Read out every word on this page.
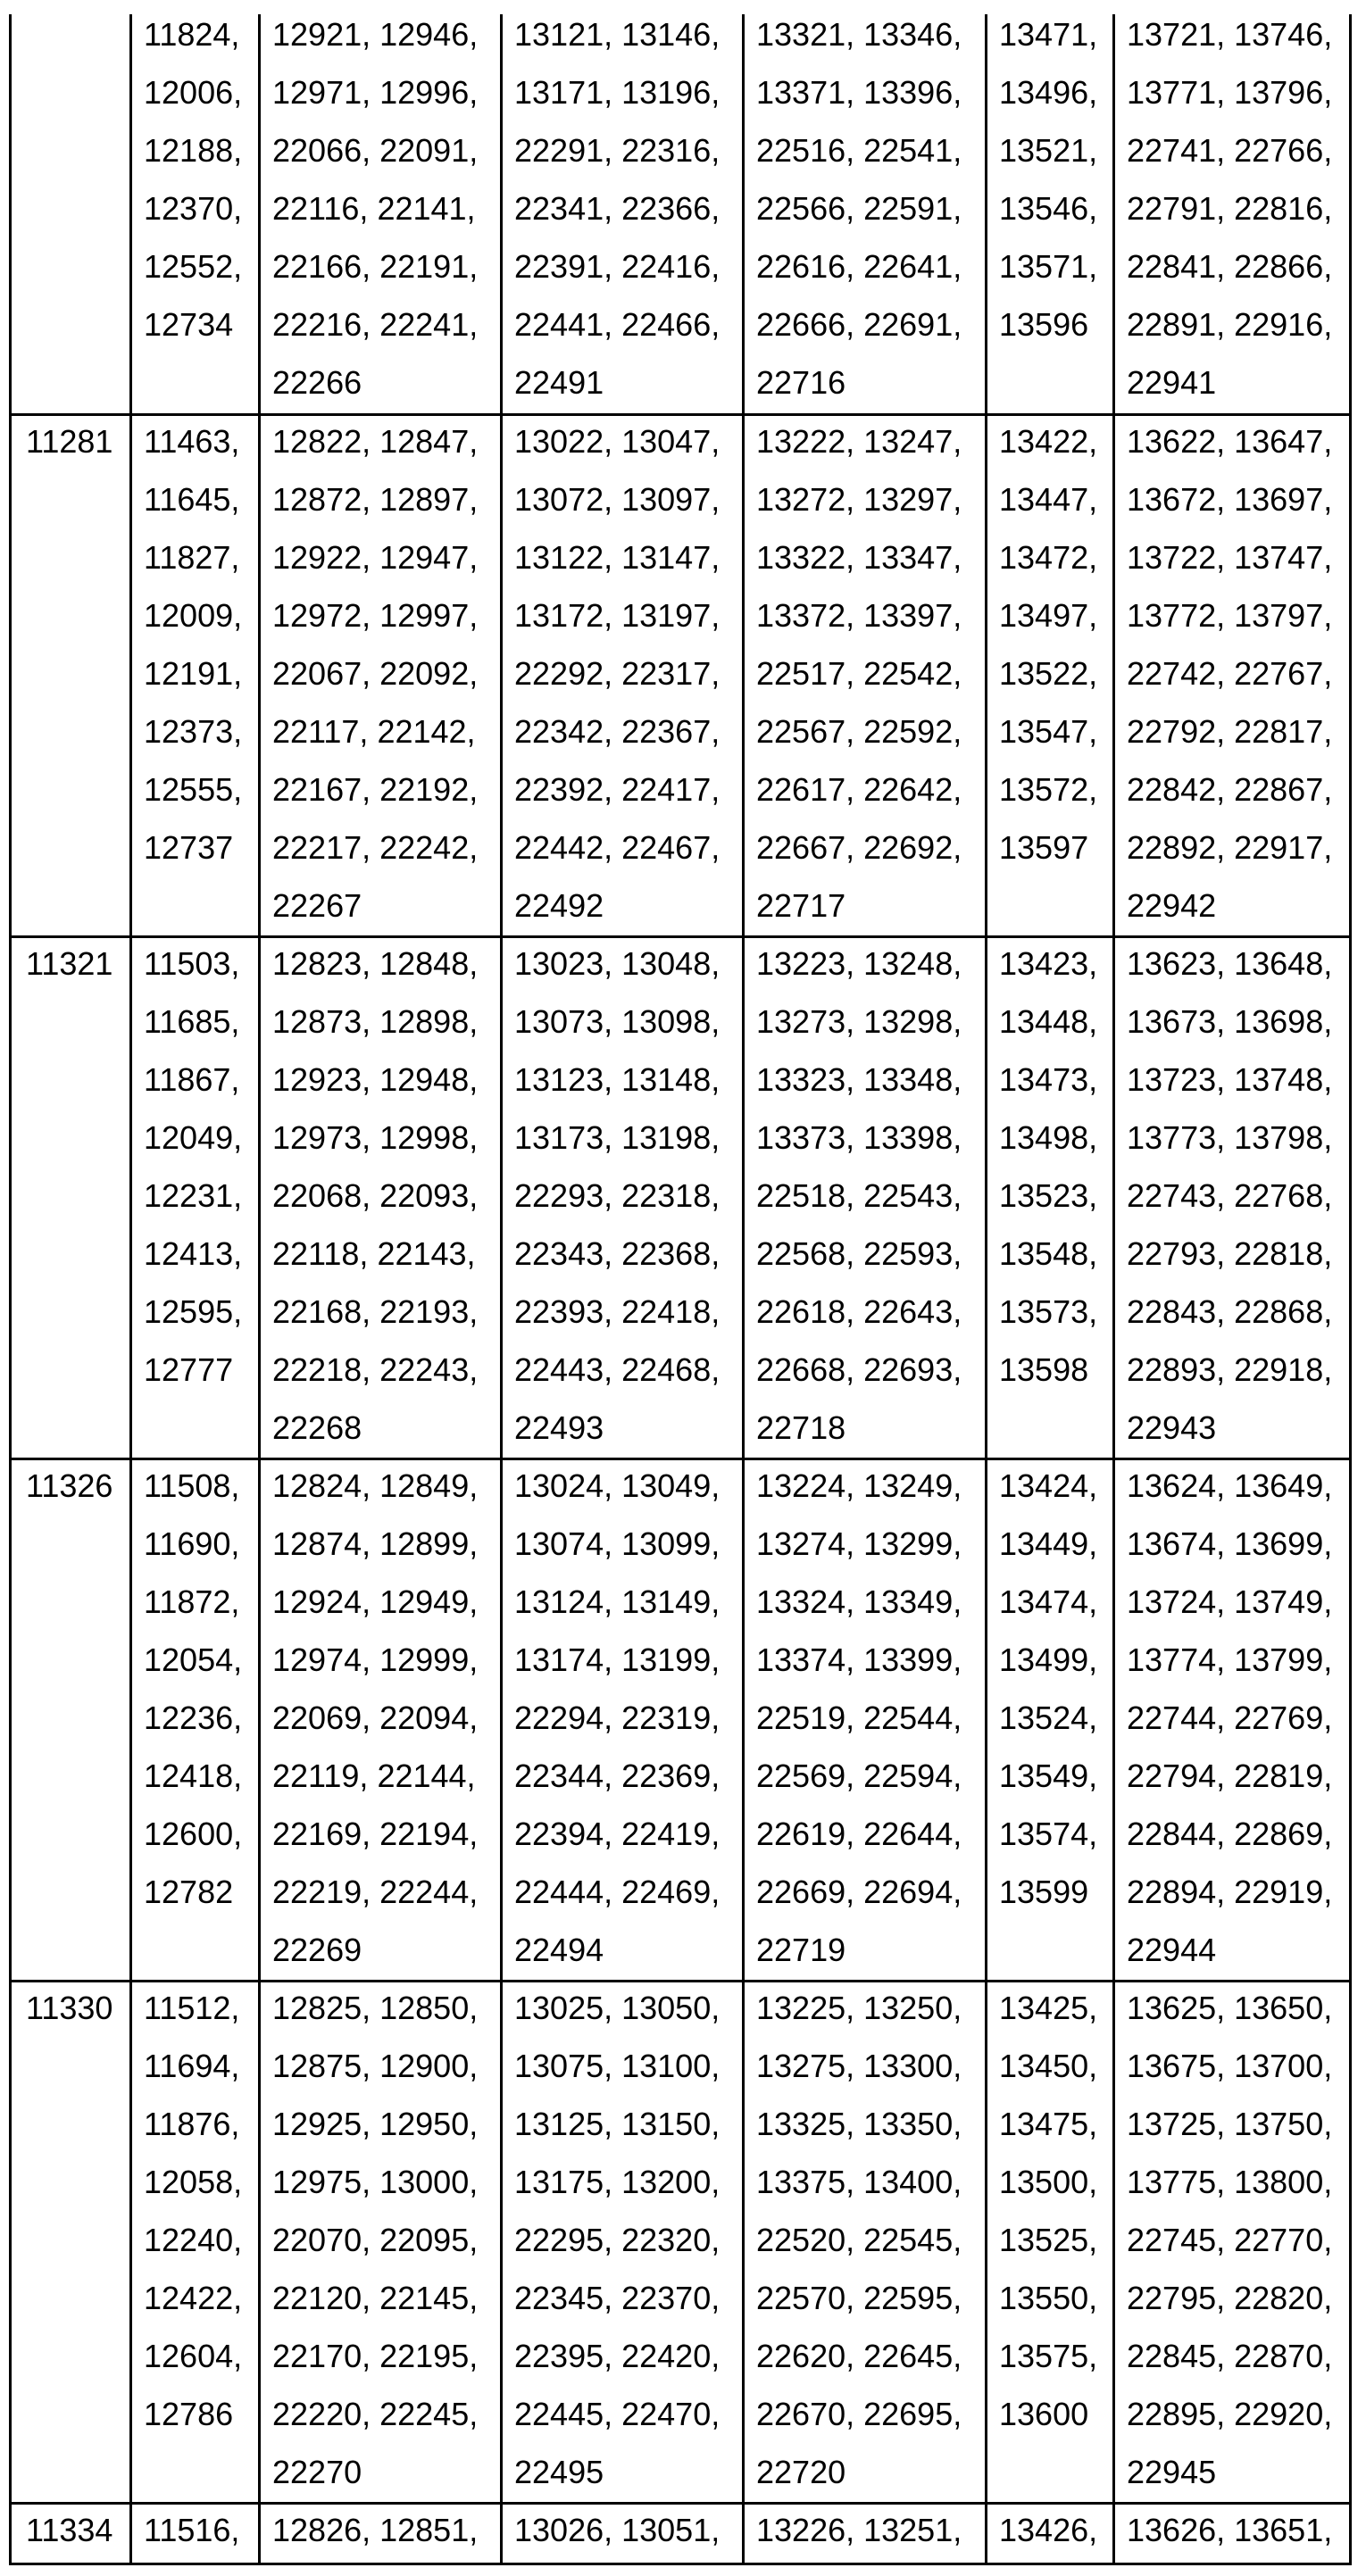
11824,
12006,
12188,
12370,
12552,
12734
12921, 12946,
12971, 12996,
22066, 22091,
22116, 22141,
22166, 22191,
22216, 22241,
22266
13121, 13146,
13171, 13196,
22291, 22316,
22341, 22366,
22391, 22416,
22441, 22466,
22491
13321, 13346,
13371, 13396,
22516, 22541,
22566, 22591,
22616, 22641,
22666, 22691,
22716
13471,
13496,
13521,
13546,
13571,
13596
13721, 13746,
13771, 13796,
22741, 22766,
22791, 22816,
22841, 22866,
22891, 22916,
22941
11281 11463,
11645,
11827,
12009,
12191,
12373,
12555,
12737
12822, 12847,
12872, 12897,
12922, 12947,
12972, 12997,
22067, 22092,
22117, 22142,
22167, 22192,
22217, 22242,
22267
13022, 13047,
13072, 13097,
13122, 13147,
13172, 13197,
22292, 22317,
22342, 22367,
22392, 22417,
22442, 22467,
22492
13222, 13247,
13272, 13297,
13322, 13347,
13372, 13397,
22517, 22542,
22567, 22592,
22617, 22642,
22667, 22692,
22717
13422,
13447,
13472,
13497,
13522,
13547,
13572,
13597
13622, 13647,
13672, 13697,
13722, 13747,
13772, 13797,
22742, 22767,
22792, 22817,
22842, 22867,
22892, 22917,
22942
11321 11503,
11685,
11867,
12049,
12231,
12413,
12595,
12777
12823, 12848,
12873, 12898,
12923, 12948,
12973, 12998,
22068, 22093,
22118, 22143,
22168, 22193,
22218, 22243,
22268
13023, 13048,
13073, 13098,
13123, 13148,
13173, 13198,
22293, 22318,
22343, 22368,
22393, 22418,
22443, 22468,
22493
13223, 13248,
13273, 13298,
13323, 13348,
13373, 13398,
22518, 22543,
22568, 22593,
22618, 22643,
22668, 22693,
22718
13423,
13448,
13473,
13498,
13523,
13548,
13573,
13598
13623, 13648,
13673, 13698,
13723, 13748,
13773, 13798,
22743, 22768,
22793, 22818,
22843, 22868,
22893, 22918,
22943
11326 11508,
11690,
11872,
12054,
12236,
12418,
12600,
12782
12824, 12849,
12874, 12899,
12924, 12949,
12974, 12999,
22069, 22094,
22119, 22144,
22169, 22194,
22219, 22244,
22269
13024, 13049,
13074, 13099,
13124, 13149,
13174, 13199,
22294, 22319,
22344, 22369,
22394, 22419,
22444, 22469,
22494
13224, 13249,
13274, 13299,
13324, 13349,
13374, 13399,
22519, 22544,
22569, 22594,
22619, 22644,
22669, 22694,
22719
13424,
13449,
13474,
13499,
13524,
13549,
13574,
13599
13624, 13649,
13674, 13699,
13724, 13749,
13774, 13799,
22744, 22769,
22794, 22819,
22844, 22869,
22894, 22919,
22944
11330 11512,
11694,
11876,
12058,
12240,
12422,
12604,
12786
12825, 12850,
12875, 12900,
12925, 12950,
12975, 13000,
22070, 22095,
22120, 22145,
22170, 22195,
22220, 22245,
22270
13025, 13050,
13075, 13100,
13125, 13150,
13175, 13200,
22295, 22320,
22345, 22370,
22395, 22420,
22445, 22470,
22495
13225, 13250,
13275, 13300,
13325, 13350,
13375, 13400,
22520, 22545,
22570, 22595,
22620, 22645,
22670, 22695,
22720
13425,
13450,
13475,
13500,
13525,
13550,
13575,
13600
13625, 13650,
13675, 13700,
13725, 13750,
13775, 13800,
22745, 22770,
22795, 22820,
22845, 22870,
22895, 22920,
22945
11334 11516,	12826, 12851,	13026, 13051,	13226, 13251,	13426, 13626, 13651,
